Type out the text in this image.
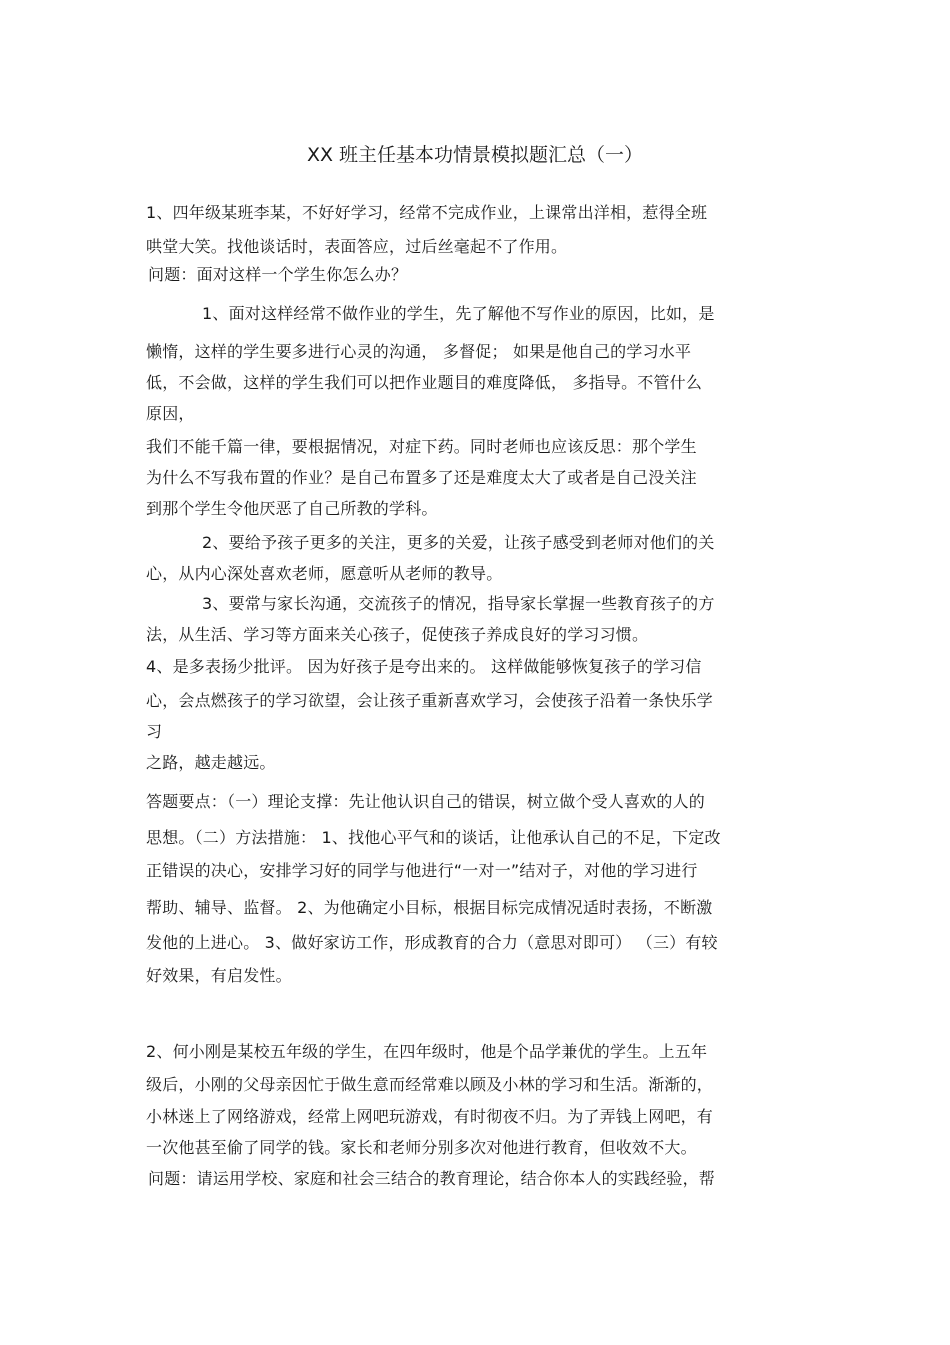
XX 班主任基本功情景模拟题汇总（一）
1、四年级某班李某，不好好学习，经常不完成作业，上课常出洋相，惹得全班
哄堂大笑。找他谈话时，表面答应，过后丝毫起不了作用。
问题：面对这样一个学生你怎么办？
1、面对这样经常不做作业的学生，先了解他不写作业的原因，比如，是
懒惰，这样的学生要多进行心灵的沟通， 多督促； 如果是他自己的学习水平
低，不会做，这样的学生我们可以把作业题目的难度降低， 多指导。不管什么
原因，
我们不能千篇一律，要根据情况，对症下药。同时老师也应该反思：那个学生
为什么不写我布置的作业？是自己布置多了还是难度太大了或者是自己没关注
到那个学生令他厌恶了自己所教的学科。
2、要给予孩子更多的关注，更多的关爱，让孩子感受到老师对他们的关
心，从内心深处喜欢老师，愿意听从老师的教导。
3、要常与家长沟通，交流孩子的情况，指导家长掌握一些教育孩子的方
法，从生活、学习等方面来关心孩子，促使孩子养成良好的学习习惯。
4、是多表扬少批评。 因为好孩子是夸出来的。 这样做能够恢复孩子的学习信
心，会点燃孩子的学习欲望，会让孩子重新喜欢学习，会使孩子沿着一条快乐学
习
之路，越走越远。
答题要点：（一）理论支撑：先让他认识自己的错误，树立做个受人喜欢的人的
思想。（二）方法措施： 1、找他心平气和的谈话，让他承认自己的不足，下定改
正错误的决心，安排学习好的同学与他进行“一对一”结对子，对他的学习进行
帮助、辅导、监督。 2、为他确定小目标，根据目标完成情况适时表扬，不断激
发他的上进心。 3、做好家访工作，形成教育的合力（意思对即可） （三）有较
好效果，有启发性。
2、何小刚是某校五年级的学生，在四年级时，他是个品学兼优的学生。上五年
级后，小刚的父母亲因忙于做生意而经常难以顾及小林的学习和生活。渐渐的，
小林迷上了网络游戏，经常上网吧玩游戏，有时彻夜不归。为了弄钱上网吧，有
一次他甚至偷了同学的钱。家长和老师分别多次对他进行教育，但收效不大。
问题：请运用学校、家庭和社会三结合的教育理论，结合你本人的实践经验，帮
